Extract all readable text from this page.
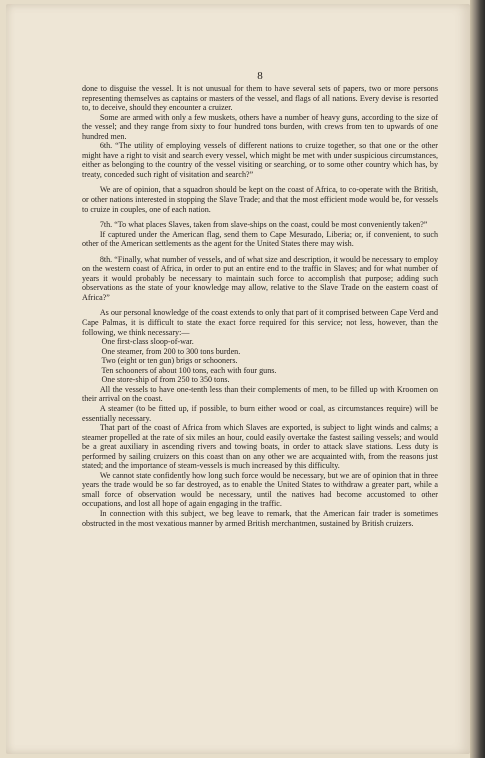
8

done to disguise the vessel. It is not unusual for them to have several sets of papers, two or more persons representing themselves as captains or masters of the vessel, and flags of all nations. Every devise is resorted to, to deceive, should they encounter a cruizer.

Some are armed with only a few muskets, others have a number of heavy guns, according to the size of the vessel; and they range from sixty to four hundred tons burden, with crews from ten to upwards of one hundred men.

6th. “The utility of employing vessels of different nations to cruize together, so that one or the other might have a right to visit and search every vessel, which might be met with under suspicious circumstances, either as belonging to the country of the vessel visiting or searching, or to some other country which has, by treaty, conceded such right of visitation and search?”

We are of opinion, that a squadron should be kept on the coast of Africa, to co-operate with the British, or other nations interested in stopping the Slave Trade; and that the most efficient mode would be, for vessels to cruize in couples, one of each nation.

7th. “To what places Slaves, taken from slave-ships on the coast, could be most conveniently taken?”

If captured under the American flag, send them to Cape Mesurado, Liberia; or, if convenient, to such other of the American settlements as the agent for the United States there may wish.

8th. “Finally, what number of vessels, and of what size and description, it would be necessary to employ on the western coast of Africa, in order to put an entire end to the traffic in Slaves; and for what number of years it would probably be necessary to maintain such force to accomplish that purpose; adding such observations as the state of your knowledge may allow, relative to the Slave Trade on the eastern coast of Africa?”

As our personal knowledge of the coast extends to only that part of it comprised between Cape Verd and Cape Palmas, it is difficult to state the exact force required for this service; not less, however, than the following, we think necessary:—

One first-class sloop-of-war.

One steamer, from 200 to 300 tons burden.

Two (eight or ten gun) brigs or schooners.

Ten schooners of about 100 tons, each with four guns.

One store-ship of from 250 to 350 tons.

All the vessels to have one-tenth less than their complements of men, to be filled up with Kroomen on their arrival on the coast.

A steamer (to be fitted up, if possible, to burn either wood or coal, as circumstances require) will be essentially necessary.

That part of the coast of Africa from which Slaves are exported, is subject to light winds and calms; a steamer propelled at the rate of six miles an hour, could easily overtake the fastest sailing vessels; and would be a great auxiliary in ascending rivers and towing boats, in order to attack slave stations. Less duty is performed by sailing cruizers on this coast than on any other we are acquainted with, from the reasons just stated; and the importance of steam-vessels is much increased by this difficulty.

We cannot state confidently how long such force would be necessary, but we are of opinion that in three years the trade would be so far destroyed, as to enable the United States to withdraw a greater part, while a small force of observation would be necessary, until the natives had become accustomed to other occupations, and lost all hope of again engaging in the traffic.

In connection with this subject, we beg leave to remark, that the American fair trader is sometimes obstructed in the most vexatious manner by armed British merchantmen, sustained by British cruizers.
